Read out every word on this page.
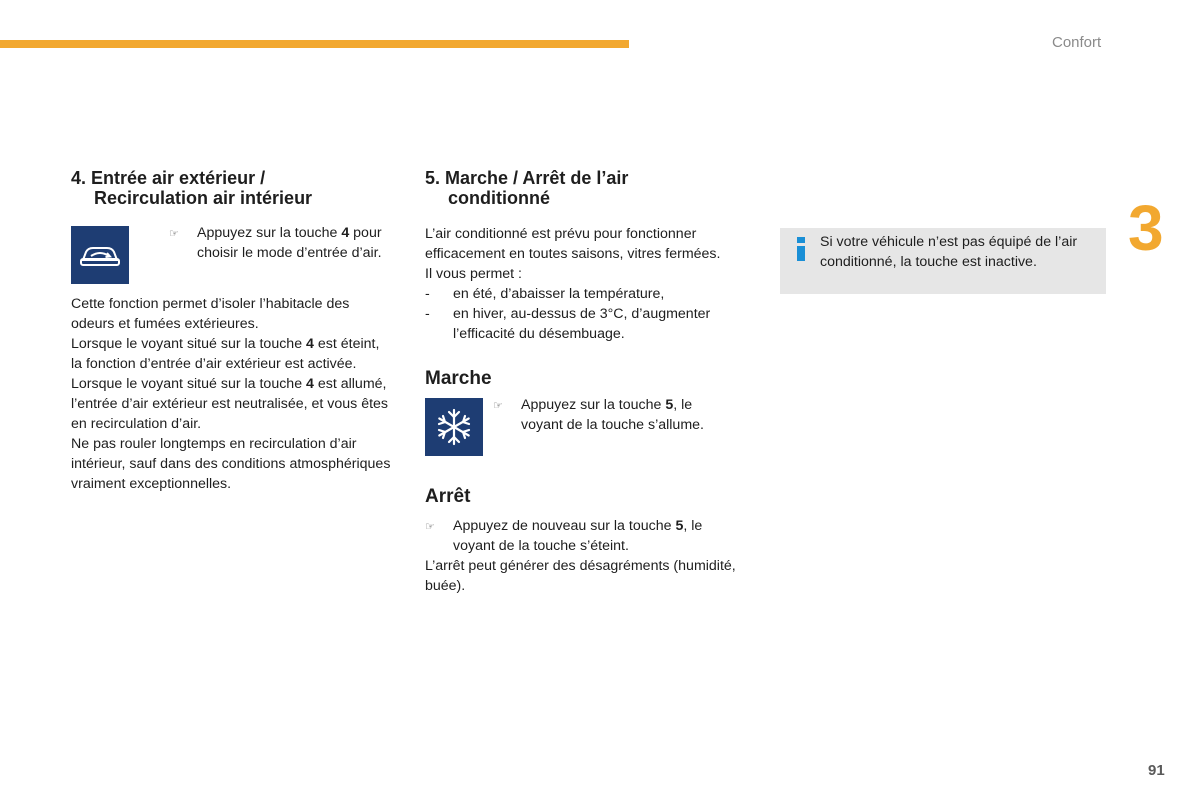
Confort
3
91
4. Entrée air extérieur /
Recirculation air intérieur
☞	Appuyez sur la touche 4 pour choisir le mode d’entrée d’air.

Cette fonction permet d’isoler l’habitacle des odeurs et fumées extérieures.

Lorsque le voyant situé sur la touche 4 est éteint, la fonction d’entrée d’air extérieur est activée.

Lorsque le voyant situé sur la touche 4 est allumé, l’entrée d’air extérieur est neutralisée, et vous êtes en recirculation d’air.

Ne pas rouler longtemps en recirculation d’air intérieur, sauf dans des conditions atmosphériques vraiment exceptionnelles.

5. Marche / Arrêt de l’air
conditionné

L’air conditionné est prévu pour fonctionner efficacement en toutes saisons, vitres fermées.

Il vous permet :

-	en été, d’abaisser la température,
-	en hiver, au-dessus de 3°C, d’augmenter l’efficacité du désembuage.
Marche
☞	Appuyez sur la touche 5, le voyant de la touche s’allume.
Arrêt
☞	Appuyez de nouveau sur la touche 5, le voyant de la touche s’éteint.

L’arrêt peut générer des désagréments (humidité, buée).

Si votre véhicule n’est pas équipé de l’air conditionné, la touche est inactive.
